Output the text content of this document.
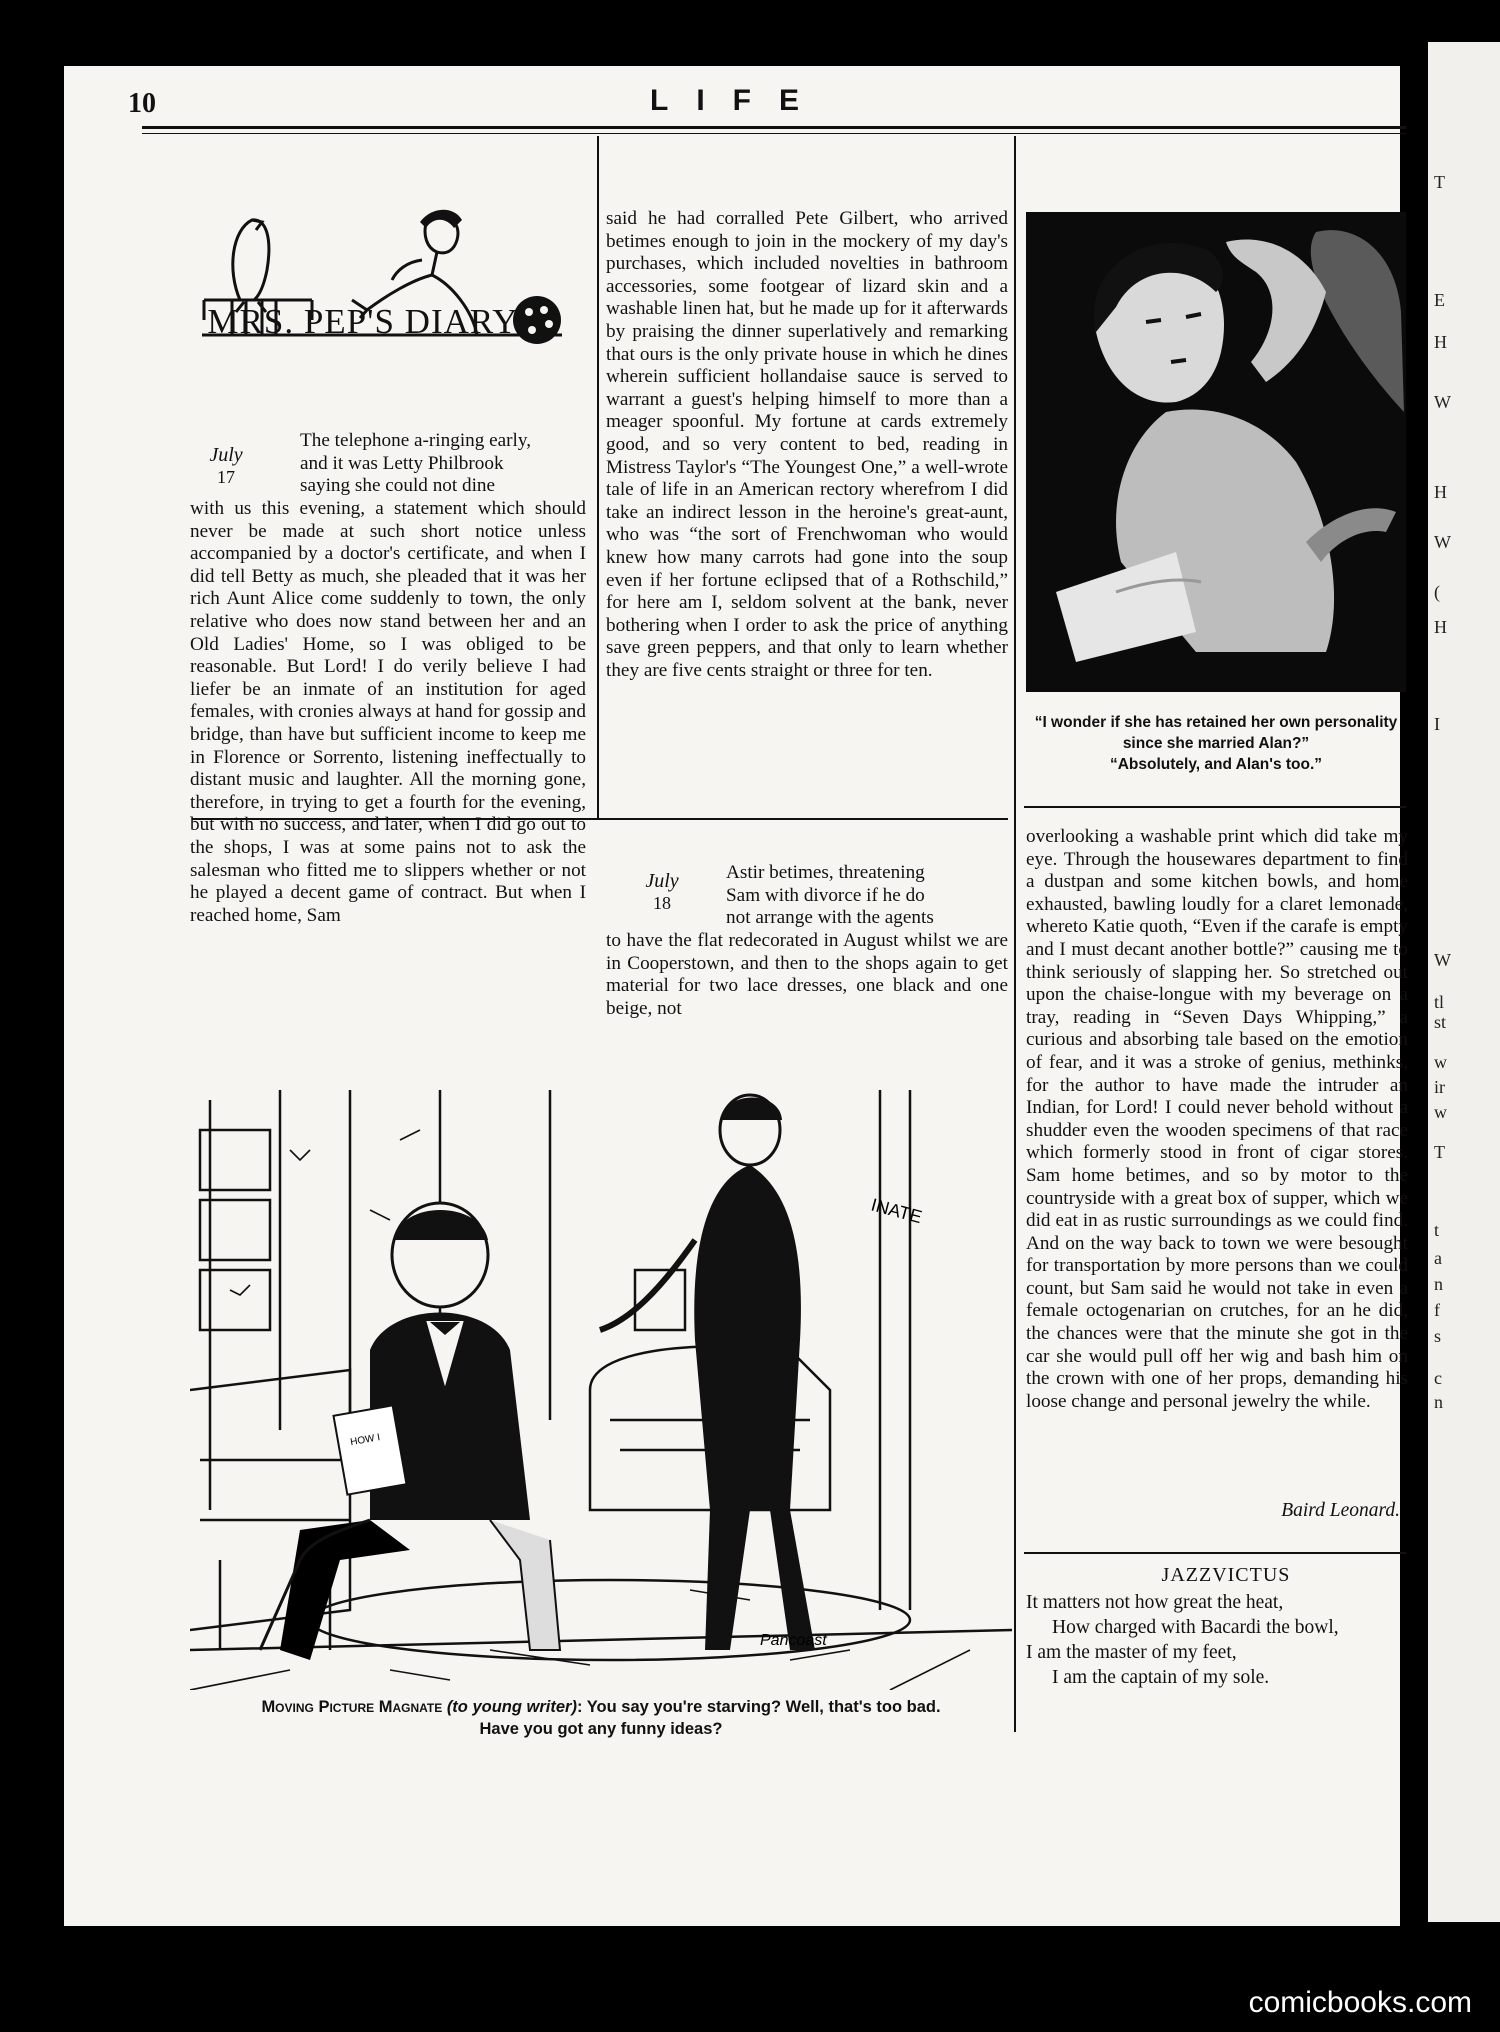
T
E
H
W
H
W
(
H
I
W
tl
st
w
ir
w
T
t
a
n
f
s
c
n
10	LIFE
MRS. PEP'S DIARY
July
17
The telephone a-ringing early,
and it was Letty Philbrook
saying she could not dine
with us this evening, a statement which should never be made at such short notice unless accompanied by a doctor's certificate, and when I did tell Betty as much, she pleaded that it was her rich Aunt Alice come suddenly to town, the only relative who does now stand between her and an Old Ladies' Home, so I was obliged to be reasonable. But Lord! I do verily believe I had liefer be an inmate of an institution for aged females, with cronies always at hand for gossip and bridge, than have but sufficient income to keep me in Florence or Sorrento, listening ineffectually to distant music and laughter. All the morning gone, therefore, in trying to get a fourth for the evening, but with no success, and later, when I did go out to the shops, I was at some pains not to ask the salesman who fitted me to slippers whether or not he played a decent game of contract. But when I reached home, Sam
said he had corralled Pete Gilbert, who arrived betimes enough to join in the mockery of my day's purchases, which included novelties in bathroom accessories, some footgear of lizard skin and a washable linen hat, but he made up for it afterwards by praising the dinner superlatively and remarking that ours is the only private house in which he dines wherein sufficient hollandaise sauce is served to warrant a guest's helping himself to more than a meager spoonful. My fortune at cards extremely good, and so very content to bed, reading in Mistress Taylor's “The Youngest One,” a well-wrote tale of life in an American rectory wherefrom I did take an indirect lesson in the heroine's great-aunt, who was “the sort of Frenchwoman who would knew how many carrots had gone into the soup even if her fortune eclipsed that of a Rothschild,” for here am I, seldom solvent at the bank, never bothering when I order to ask the price of anything save green peppers, and that only to learn whether they are five cents straight or three for ten.
July
18
Astir betimes, threatening
Sam with divorce if he do
not arrange with the agents
to have the flat redecorated in August whilst we are in Cooperstown, and then to the shops again to get material for two lace dresses, one black and one beige, not
“I wonder if she has retained her own personality since she married Alan?”
“Absolutely, and Alan's too.”
overlooking a washable print which did take my eye. Through the housewares department to find a dustpan and some kitchen bowls, and home exhausted, bawling loudly for a claret lemonade, whereto Katie quoth, “Even if the carafe is empty and I must decant another bottle?” causing me to think seriously of slapping her. So stretched out upon the chaise-longue with my beverage on a tray, reading in “Seven Days Whipping,” a curious and absorbing tale based on the emotion of fear, and it was a stroke of genius, methinks, for the author to have made the intruder an Indian, for Lord! I could never behold without a shudder even the wooden specimens of that race which formerly stood in front of cigar stores. Sam home betimes, and so by motor to the countryside with a great box of supper, which we did eat in as rustic surroundings as we could find. And on the way back to town we were besought for transportation by more persons than we could count, but Sam said he would not take in even a female octogenarian on crutches, for an he did, the chances were that the minute she got in the car she would pull off her wig and bash him on the crown with one of her props, demanding his loose change and personal jewelry the while.
Baird Leonard.
JAZZVICTUS
It matters not how great the heat,
How charged with Bacardi the bowl,
I am the master of my feet,
I am the captain of my sole.
HOW I
INATE
Pancoast
Moving Picture Magnate (to young writer): You say you're starving? Well, that's too bad.
Have you got any funny ideas?
comicbooks.com
